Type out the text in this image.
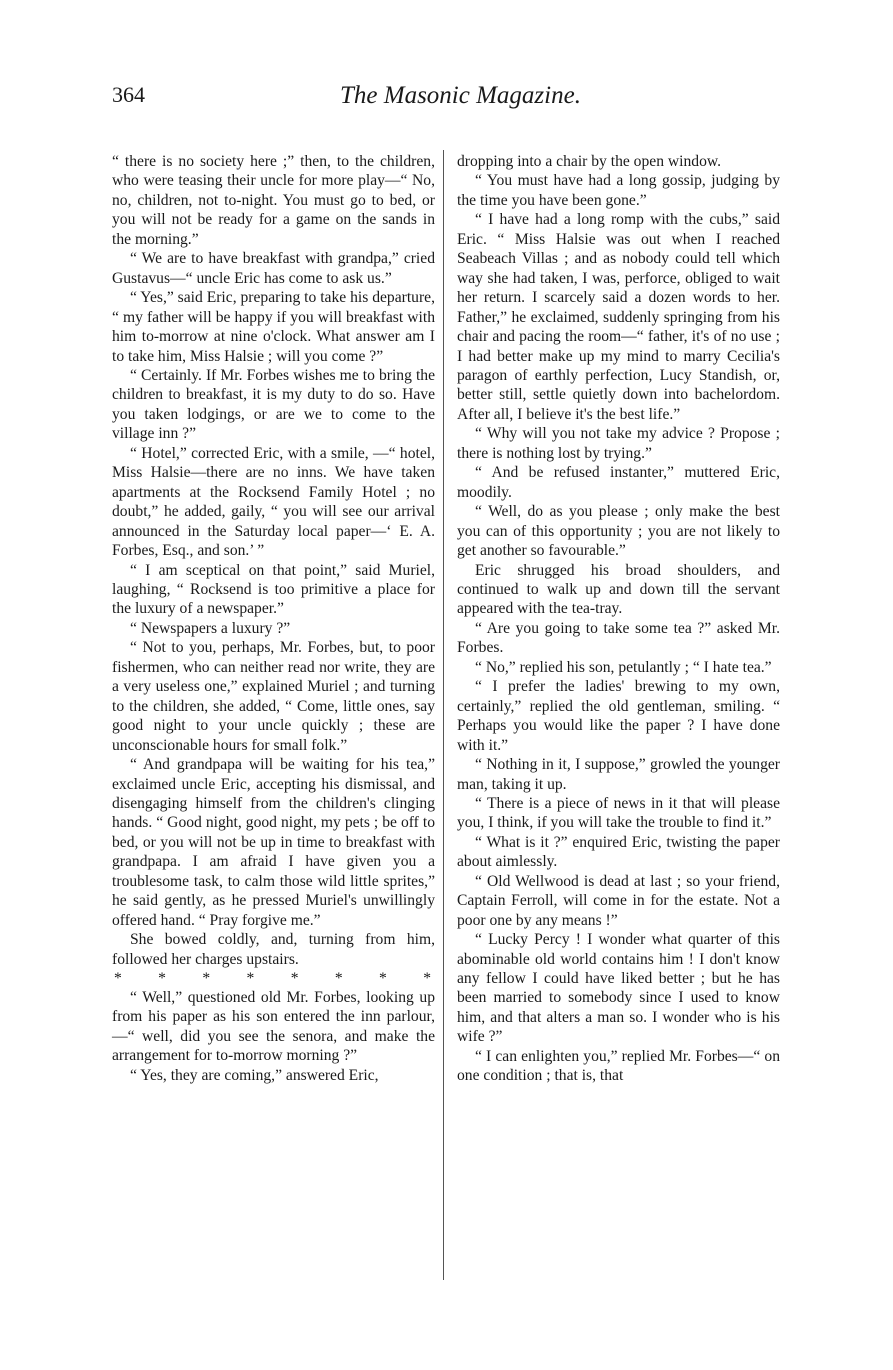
364	The Masonic Magazine.

“ there is no society here ;” then, to the children, who were teasing their uncle for more play—“ No, no, children, not to-night. You must go to bed, or you will not be ready for a game on the sands in the morning.”

“ We are to have breakfast with grandpa,” cried Gustavus—“ uncle Eric has come to ask us.”

“ Yes,” said Eric, preparing to take his departure, “ my father will be happy if you will breakfast with him to-morrow at nine o'clock. What answer am I to take him, Miss Halsie ; will you come ?”

“ Certainly. If Mr. Forbes wishes me to bring the children to breakfast, it is my duty to do so. Have you taken lodgings, or are we to come to the village inn ?”

“ Hotel,” corrected Eric, with a smile, —“ hotel, Miss Halsie—there are no inns. We have taken apartments at the Rocksend Family Hotel ; no doubt,” he added, gaily, “ you will see our arrival announced in the Saturday local paper—‘ E. A. Forbes, Esq., and son.’ ”

“ I am sceptical on that point,” said Muriel, laughing, “ Rocksend is too primitive a place for the luxury of a newspaper.”

“ Newspapers a luxury ?”

“ Not to you, perhaps, Mr. Forbes, but, to poor fishermen, who can neither read nor write, they are a very useless one,” explained Muriel ; and turning to the children, she added, “ Come, little ones, say good night to your uncle quickly ; these are unconscionable hours for small folk.”

“ And grandpapa will be waiting for his tea,” exclaimed uncle Eric, accepting his dismissal, and disengaging himself from the children's clinging hands. “ Good night, good night, my pets ; be off to bed, or you will not be up in time to breakfast with grandpapa. I am afraid I have given you a troublesome task, to calm those wild little sprites,” he said gently, as he pressed Muriel's unwillingly offered hand. “ Pray forgive me.”

She bowed coldly, and, turning from him, followed her charges upstairs.

* * * * * * * *

“ Well,” questioned old Mr. Forbes, looking up from his paper as his son entered the inn parlour,—“ well, did you see the senora, and make the arrangement for to-morrow morning ?”

“ Yes, they are coming,” answered Eric,

dropping into a chair by the open window.

“ You must have had a long gossip, judging by the time you have been gone.”

“ I have had a long romp with the cubs,” said Eric. “ Miss Halsie was out when I reached Seabeach Villas ; and as nobody could tell which way she had taken, I was, perforce, obliged to wait her return. I scarcely said a dozen words to her. Father,” he exclaimed, suddenly springing from his chair and pacing the room—“ father, it's of no use ; I had better make up my mind to marry Cecilia's paragon of earthly perfection, Lucy Standish, or, better still, settle quietly down into bachelordom. After all, I believe it's the best life.”

“ Why will you not take my advice ? Propose ; there is nothing lost by trying.”

“ And be refused instanter,” muttered Eric, moodily.

“ Well, do as you please ; only make the best you can of this opportunity ; you are not likely to get another so favourable.”

Eric shrugged his broad shoulders, and continued to walk up and down till the servant appeared with the tea-tray.

“ Are you going to take some tea ?” asked Mr. Forbes.

“ No,” replied his son, petulantly ; “ I hate tea.”

“ I prefer the ladies' brewing to my own, certainly,” replied the old gentleman, smiling. “ Perhaps you would like the paper ? I have done with it.”

“ Nothing in it, I suppose,” growled the younger man, taking it up.

“ There is a piece of news in it that will please you, I think, if you will take the trouble to find it.”

“ What is it ?” enquired Eric, twisting the paper about aimlessly.

“ Old Wellwood is dead at last ; so your friend, Captain Ferroll, will come in for the estate. Not a poor one by any means !”

“ Lucky Percy ! I wonder what quarter of this abominable old world contains him ! I don't know any fellow I could have liked better ; but he has been married to somebody since I used to know him, and that alters a man so. I wonder who is his wife ?”

“ I can enlighten you,” replied Mr. Forbes—“ on one condition ; that is, that
